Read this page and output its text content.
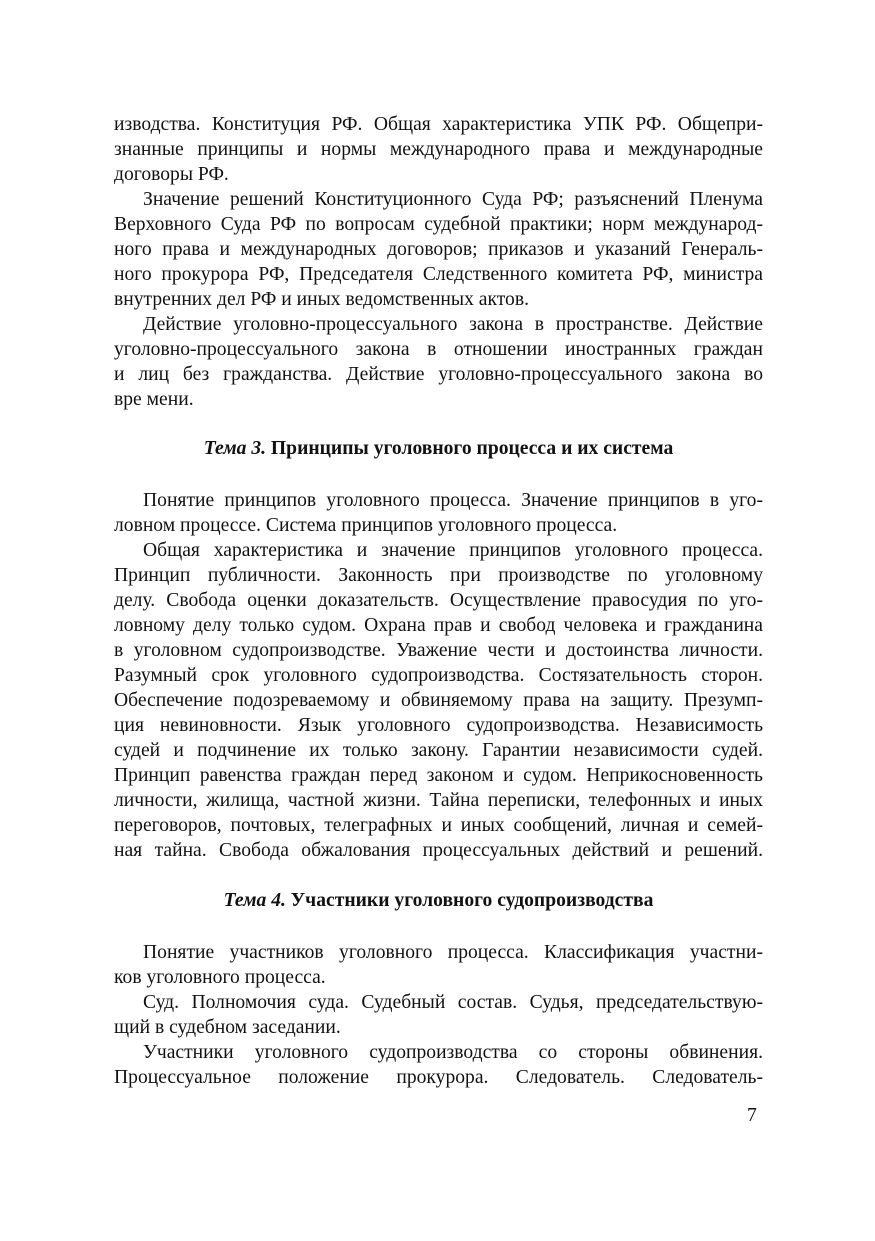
изводства. Конституция РФ. Общая характеристика УПК РФ. Общепри-
знанные принципы и нормы международного права и международные
договоры РФ.
Значение решений Конституционного Суда РФ; разъяснений Пленума
Верховного Суда РФ по вопросам судебной практики; норм международ-
ного права и международных договоров; приказов и указаний Генераль-
ного прокурора РФ, Председателя Следственного комитета РФ, министра
внутренних дел РФ и иных ведомственных актов.
Действие уголовно-процессуального закона в пространстве. Действие
уголовно-процессуального закона в отношении иностранных граждан
и лиц без гражданства. Действие уголовно-процессуального закона во
вре мени.
Тема 3. Принципы уголовного процесса и их система
Понятие принципов уголовного процесса. Значение принципов в уго-
ловном процессе. Система принципов уголовного процесса.
Общая характеристика и значение принципов уголовного процесса.
Принцип публичности. Законность при производстве по уголовному
делу. Свобода оценки доказательств. Осуществление правосудия по уго-
ловному делу только судом. Охрана прав и свобод человека и гражданина
в уголовном судопроизводстве. Уважение чести и достоинства личности.
Разумный срок уголовного судопроизводства. Состязательность сторон.
Обеспечение подозреваемому и обвиняемому права на защиту. Презумп-
ция невиновности. Язык уголовного судопроизводства. Независимость
судей и подчинение их только закону. Гарантии независимости судей.
Принцип равенства граждан перед законом и судом. Неприкосновенность
личности, жилища, частной жизни. Тайна переписки, телефонных и иных
переговоров, почтовых, телеграфных и иных сообщений, личная и семей-
ная тайна. Свобода обжалования процессуальных действий и решений.
Тема 4. Участники уголовного судопроизводства
Понятие участников уголовного процесса. Классификация участни-
ков уголовного процесса.
Суд. Полномочия суда. Судебный состав. Судья, председательствую-
щий в судебном заседании.
Участники уголовного судопроизводства со стороны обвинения.
Процессуальное положение прокурора. Следователь. Следователь-
7
